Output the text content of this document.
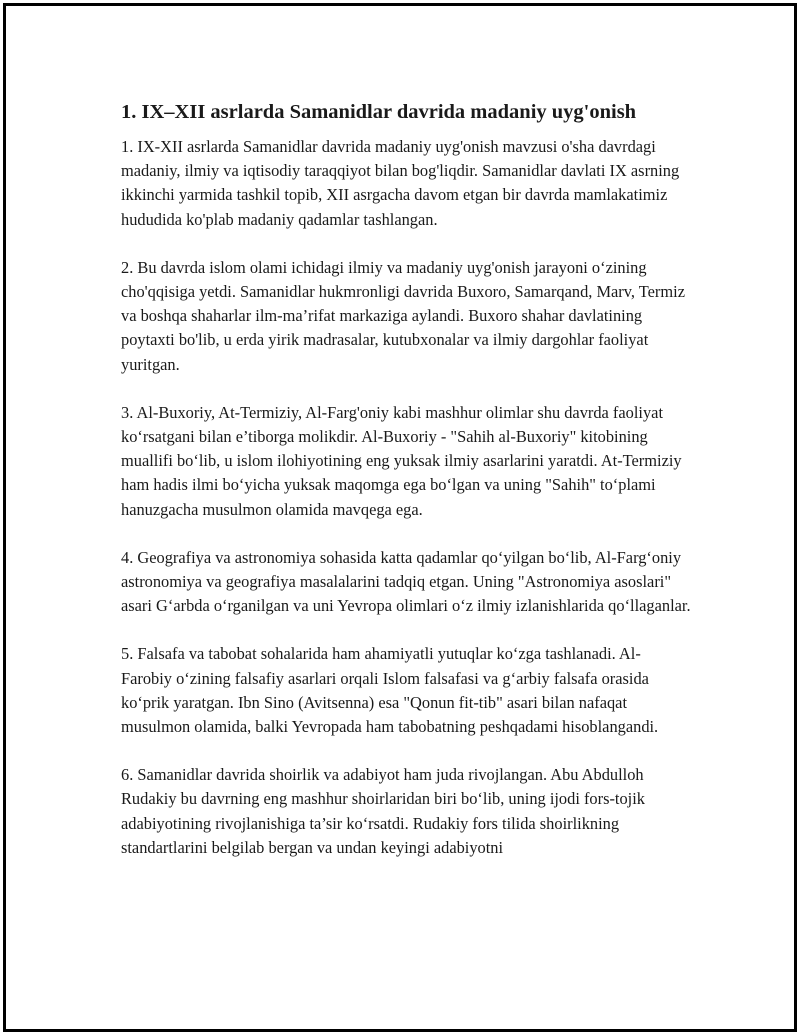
1. IX–XII asrlarda Samanidlar davrida madaniy uyg'onish

1. IX-XII asrlarda Samanidlar davrida madaniy uyg'onish mavzusi o'sha davrdagi madaniy, ilmiy va iqtisodiy taraqqiyot bilan bog'liqdir. Samanidlar davlati IX asrning ikkinchi yarmida tashkil topib, XII asrgacha davom etgan bir davrda mamlakatimiz hududida ko'plab madaniy qadamlar tashlangan.

2. Bu davrda islom olami ichidagi ilmiy va madaniy uyg'onish jarayoni o‘zining cho'qqisiga yetdi. Samanidlar hukmronligi davrida Buxoro, Samarqand, Marv, Termiz va boshqa shaharlar ilm-ma’rifat markaziga aylandi. Buxoro shahar davlatining poytaxti bo'lib, u erda yirik madrasalar, kutubxonalar va ilmiy dargohlar faoliyat yuritgan.

3. Al-Buxoriy, At-Termiziy, Al-Farg'oniy kabi mashhur olimlar shu davrda faoliyat ko‘rsatgani bilan e’tiborga molikdir. Al-Buxoriy - "Sahih al-Buxoriy" kitobining muallifi bo‘lib, u islom ilohiyotining eng yuksak ilmiy asarlarini yaratdi. At-Termiziy ham hadis ilmi bo‘yicha yuksak maqomga ega bo‘lgan va uning "Sahih" to‘plami hanuzgacha musulmon olamida mavqega ega.

4. Geografiya va astronomiya sohasida katta qadamlar qo‘yilgan bo‘lib, Al-Farg‘oniy astronomiya va geografiya masalalarini tadqiq etgan. Uning "Astronomiya asoslari" asari G‘arbda o‘rganilgan va uni Yevropa olimlari o‘z ilmiy izlanishlarida qo‘llaganlar.

5. Falsafa va tabobat sohalarida ham ahamiyatli yutuqlar ko‘zga tashlanadi. Al-Farobiy o‘zining falsafiy asarlari orqali Islom falsafasi va g‘arbiy falsafa orasida ko‘prik yaratgan. Ibn Sino (Avitsenna) esa "Qonun fit-tib" asari bilan nafaqat musulmon olamida, balki Yevropada ham tabobatning peshqadami hisoblangandi.

6. Samanidlar davrida shoirlik va adabiyot ham juda rivojlangan. Abu Abdulloh Rudakiy bu davrning eng mashhur shoirlaridan biri bo‘lib, uning ijodi fors-tojik adabiyotining rivojlanishiga ta’sir ko‘rsatdi. Rudakiy fors tilida shoirlikning standartlarini belgilab bergan va undan keyingi adabiyotni
